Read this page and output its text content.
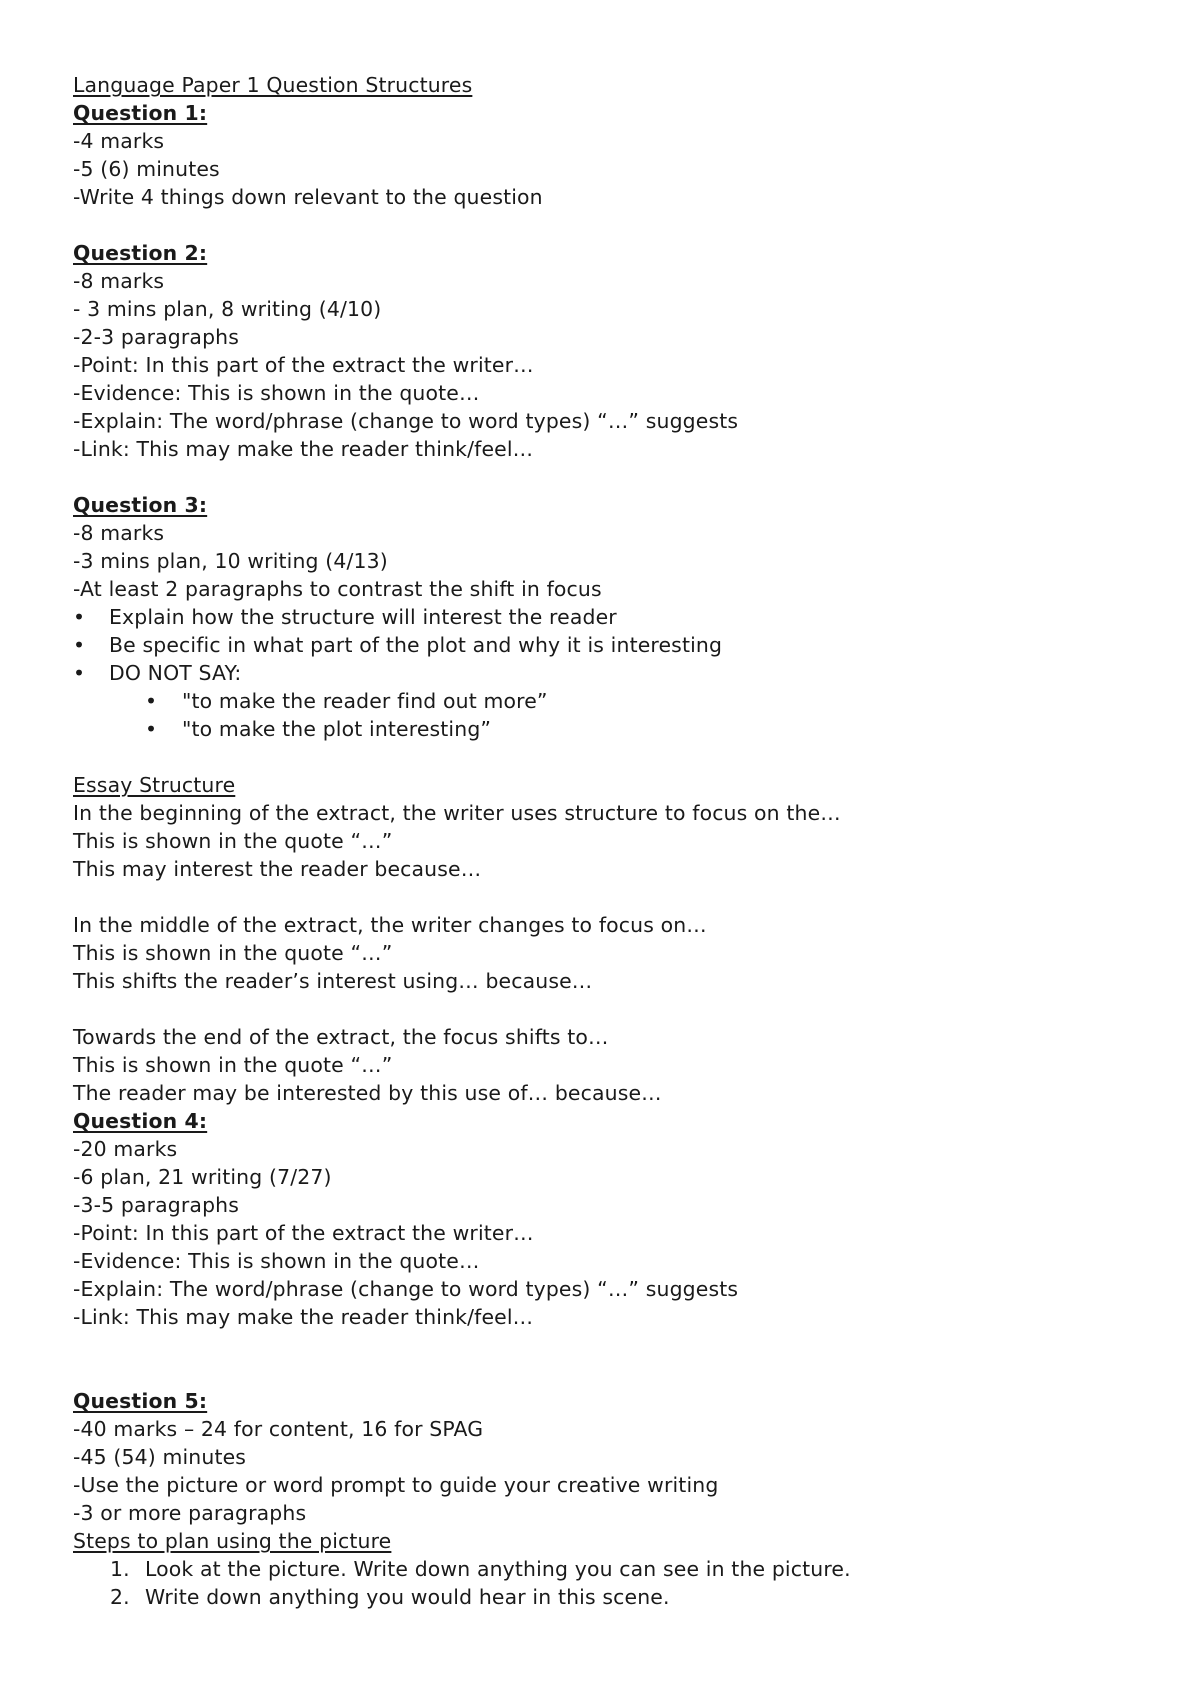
Language Paper 1 Question Structures
Question 1:
-4 marks
-5 (6) minutes
-Write 4 things down relevant to the question
Question 2:
-8 marks
- 3 mins plan, 8 writing (4/10)
-2-3 paragraphs
-Point: In this part of the extract the writer…
-Evidence: This is shown in the quote…
-Explain: The word/phrase (change to word types) “…” suggests
-Link: This may make the reader think/feel…
Question 3:
-8 marks
-3 mins plan, 10 writing (4/13)
-At least 2 paragraphs to contrast the shift in focus
• Explain how the structure will interest the reader
• Be specific in what part of the plot and why it is interesting
• DO NOT SAY:
• "to make the reader find out more”
• "to make the plot interesting”
Essay Structure
In the beginning of the extract, the writer uses structure to focus on the…
This is shown in the quote “…”
This may interest the reader because…
In the middle of the extract, the writer changes to focus on…
This is shown in the quote “…”
This shifts the reader’s interest using… because…
Towards the end of the extract, the focus shifts to…
This is shown in the quote “…”
The reader may be interested by this use of… because…
Question 4:
-20 marks
-6 plan, 21 writing (7/27)
-3-5 paragraphs
-Point: In this part of the extract the writer…
-Evidence: This is shown in the quote…
-Explain: The word/phrase (change to word types) “…” suggests
-Link: This may make the reader think/feel…
Question 5:
-40 marks – 24 for content, 16 for SPAG
-45 (54) minutes
-Use the picture or word prompt to guide your creative writing
-3 or more paragraphs
Steps to plan using the picture
1. Look at the picture. Write down anything you can see in the picture.
2. Write down anything you would hear in this scene.
